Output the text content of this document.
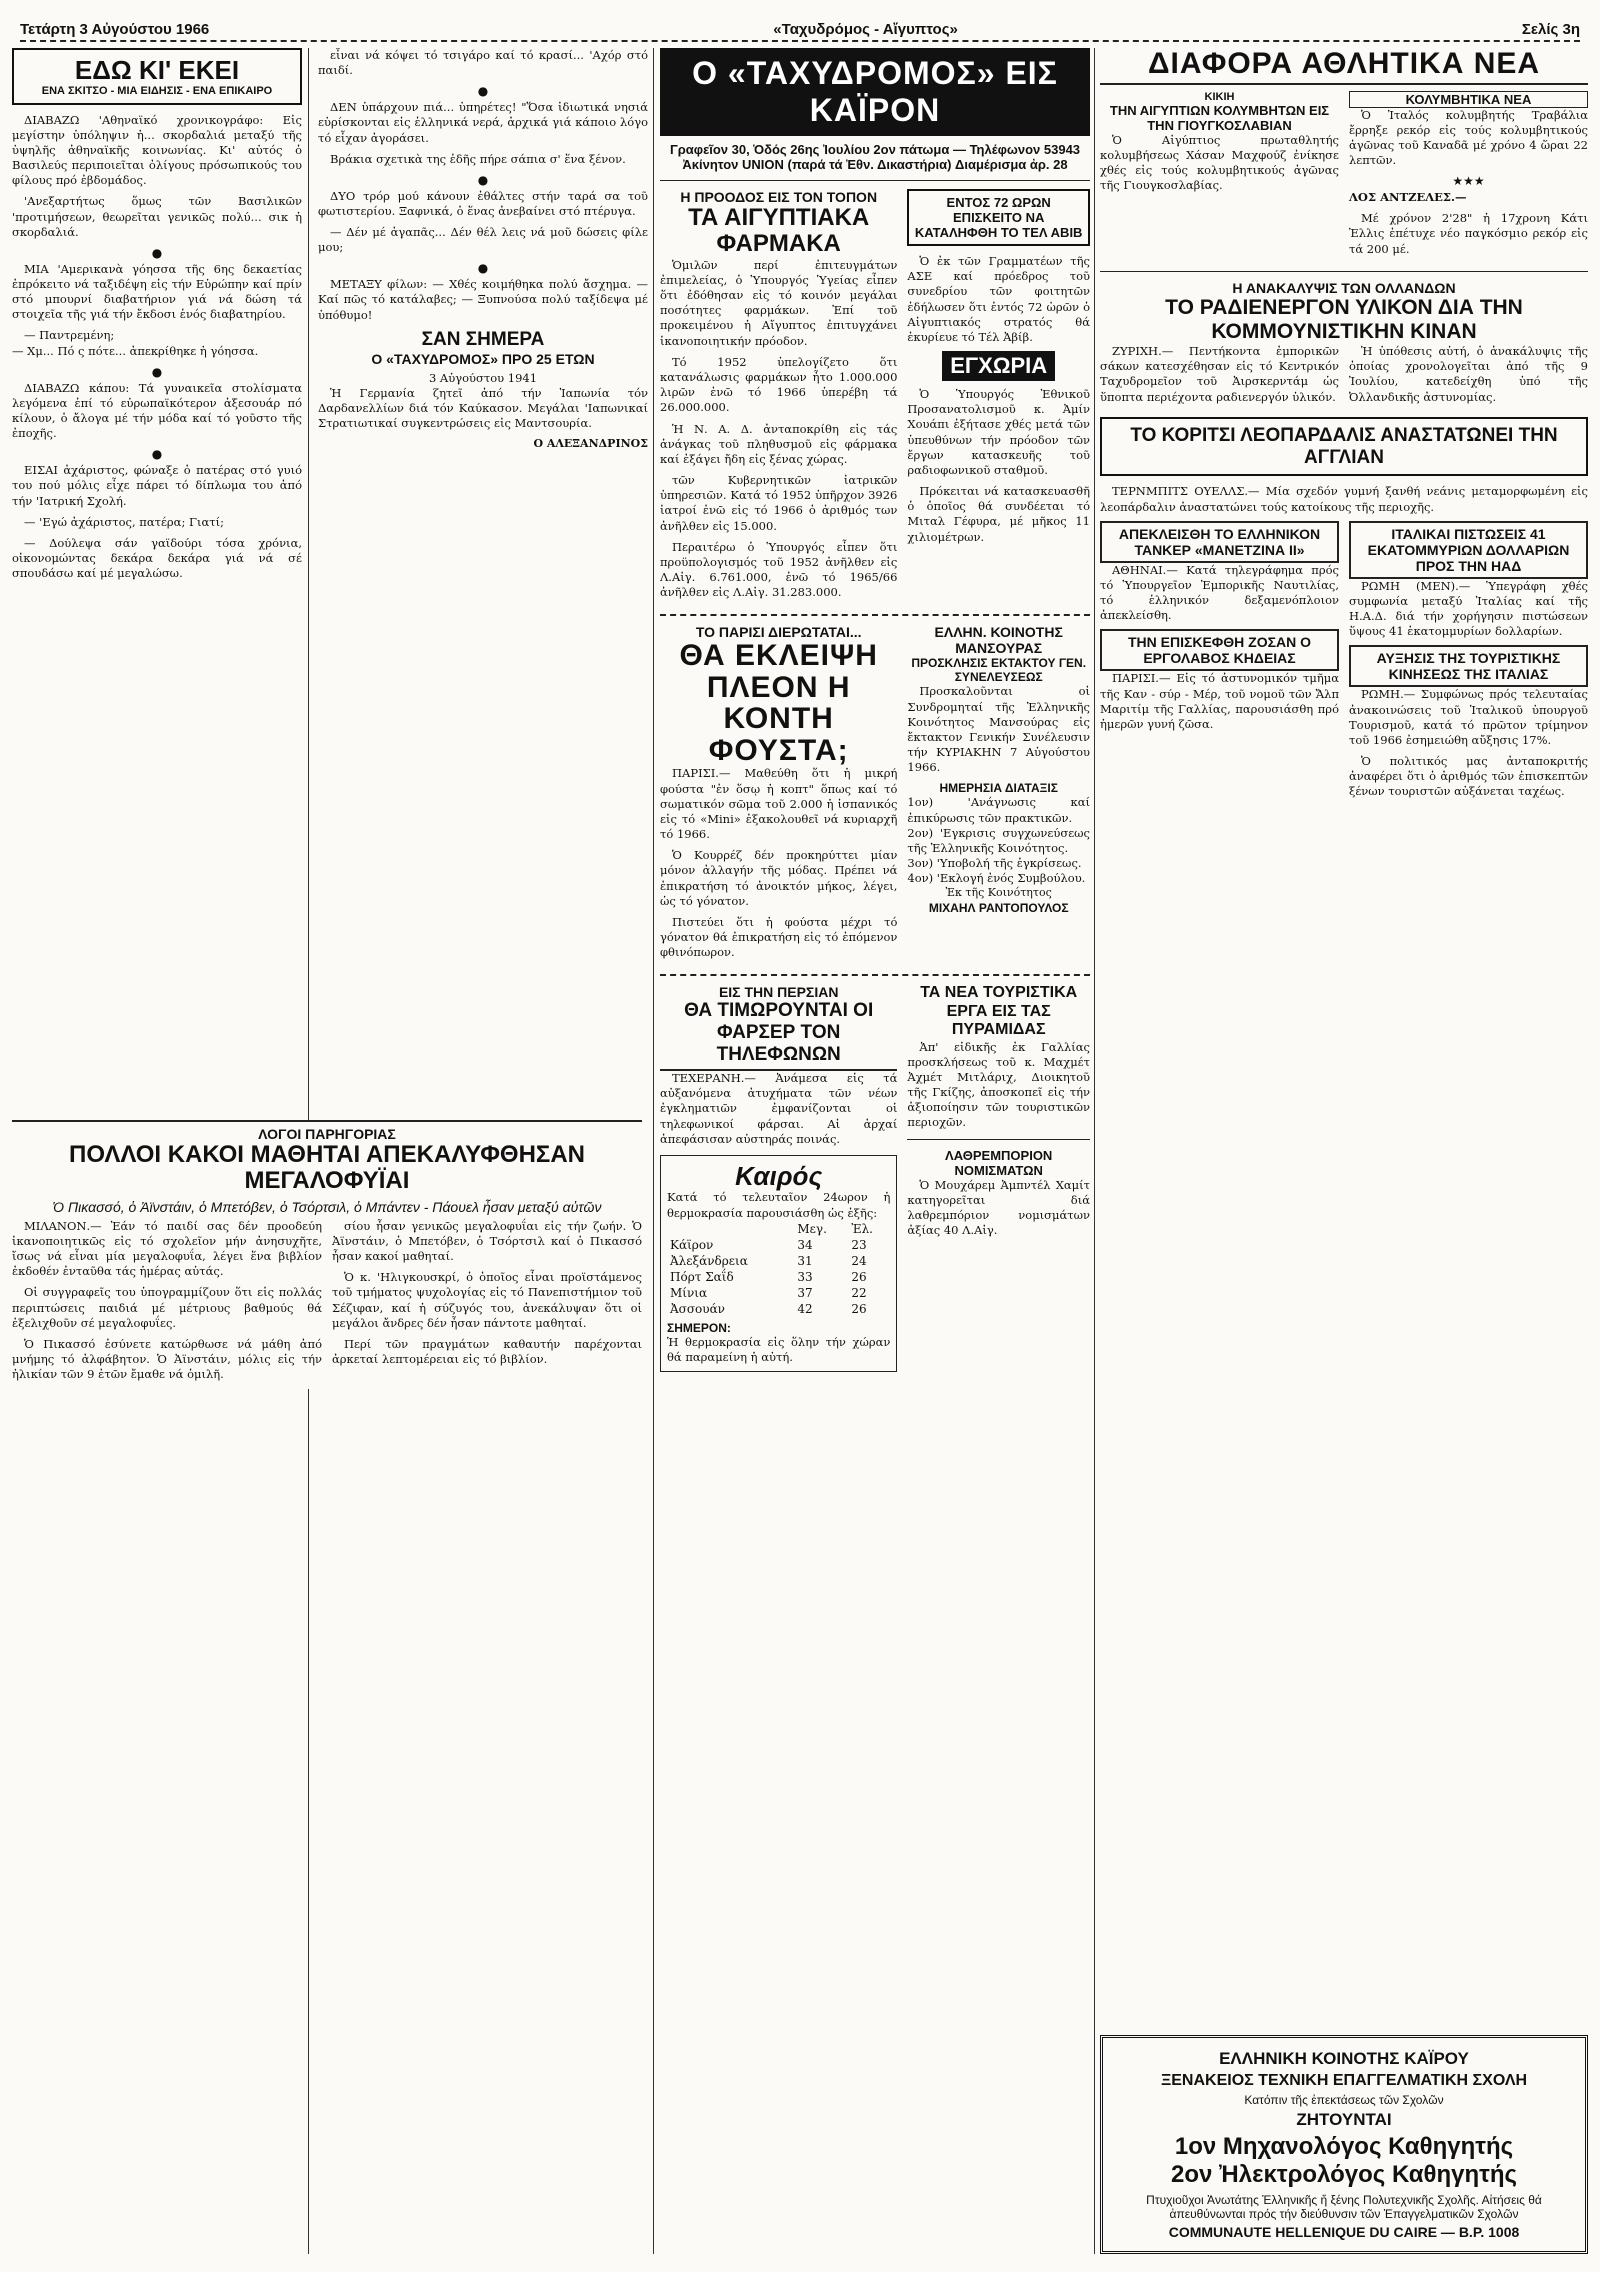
Τετάρτη 3 Αὐγούστου 1966	«Ταχυδρόμος - Αἴγυπτος»	Σελίς 3η
ΕΔΩ ΚΙ' ΕΚΕΙ
ΕΝΑ ΣΚΙΤΣΟ - ΜΙΑ ΕΙΔΗΣΙΣ - ΕΝΑ ΕΠΙΚΑΙΡΟ

ΔΙΑΒΑΖΩ 'Αθηναϊκό χρονικογράφο: Εἰς μεγίστην ὑπόληψιν ἡ... σκορδαλιά μεταξύ τῆς ὑψηλῆς ἀθηναϊκῆς κοινωνίας. Κι' αὐτός ὁ Βασιλεύς περιποιεῖται ὀλίγους πρόσωπικούς του φίλους πρό ἐβδομάδος.

'Ανεξαρτήτως ὅμως τῶν Βασιλικῶν 'προτιμήσεων, θεωρεῖται γενικῶς πολύ... σικ ἡ σκορδαλιά.

●

ΜΙΑ 'Αμερικανὰ γόησσα τῆς 6ης δεκαετίας ἐπρόκειτο νά ταξιδέψη εἰς τήν Εὐρώπην καί πρίν στό μπουρνί διαβατήριον γιά νά δώση τά στοιχεῖα τῆς γιά τήν ἔκδοσι ἑνός διαβατηρίου.

— Παντρεμένη;
— Χμ... Πό ς πότε... ἀπεκρίθηκε ἡ γόησσα.

●

ΔΙΑΒΑΖΩ κάπου: Τά γυναικεῖα στολίσματα λεγόμενα ἐπί τό εὐρωπαϊκότερον ἀξεσουάρ πό κίλουν, ὁ ἄλογα μέ τήν μόδα καί τό γοῦστο τῆς ἐποχῆς.

●

ΕΙΣΑΙ ἀχάριστος, φώναξε ὁ πατέρας στό γυιό του πού μόλις εἶχε πάρει τό δίπλωμα του ἀπό τήν 'Ιατρική Σχολή.

— 'Εγώ ἀχάριστος, πατέρα; Γιατί;

— Δούλεψα σάν γαϊδούρι τόσα χρόνια, οἰκονομώντας δεκάρα δεκάρα γιά νά σέ σπουδάσω καί μέ μεγαλώσω.

εἶναι νά κόψει τό τσιγάρο καί τό κρασί... 'Αχόρ στό παιδί.

●

ΔΕΝ ὑπάρχουν πιά... ὑπηρέτες! "Ὅσα ἰδιωτικά νησιά εὑρίσκονται εἰς ἑλληνικά νερά, ἀρχικά γιά κάποιο λόγο τό εἶχαν ἀγοράσει.

Βράκια σχετικὰ της ἐδῆς πήρε σάπια σ' ἕνα ξένον.

●

ΔΥΟ τρόρ μού κάνουν ἐθάλτες στήν ταρά σα τοῦ φωτιστερίου. Ξαφνικά, ὁ ἕνας ἀνεβαίνει στό πτέρυγα.

— Δέν μέ ἀγαπᾶς... Δέν θέλ λεις νά μοῦ δώσεις φίλε μου;

●

ΜΕΤΑΞΥ φίλων: — Χθές κοιμήθηκα πολύ ἄσχημα. — Καί πῶς τό κατάλαβες; — Ξυπνούσα πολύ ταξίδεψα μέ ὑπόθυμο!

ΣΑΝ ΣΗΜΕΡΑ
Ο «ΤΑΧΥΔΡΟΜΟΣ» ΠΡΟ 25 ΕΤΩΝ
3 Αὐγούστου 1941

Ἡ Γερμανία ζητεῖ ἀπό τήν Ἰαπωνία τόν Δαρδανελλίων διά τόν Καύκασον. Μεγάλαι 'Ιαπωνικαί Στρατιωτικαί συγκεντρώσεις εἰς Μαντσουρία.

Ο ΑΛΕΞΑΝΔΡΙΝΟΣ
ΛΟΓΟΙ ΠΑΡΗΓΟΡΙΑΣ
ΠΟΛΛΟΙ ΚΑΚΟΙ ΜΑΘΗΤΑΙ ΑΠΕΚΑΛΥΦΘΗΣΑΝ ΜΕΓΑΛΟΦΥΪΑΙ
Ὁ Πικασσό, ὁ Ἀϊνστάιν, ὁ Μπετόβεν, ὁ Τσόρτσιλ, ὁ Μπάντεν - Πάουελ ἦσαν μεταξύ αὐτῶν

ΜΙΛΑΝΟΝ.— Ἐάν τό παιδί σας δέν προοδεύη ἱκανοποιητικῶς εἰς τό σχολεῖον μήν ἀνησυχῆτε, ἴσως νά εἶναι μία μεγαλοφυΐα, λέγει ἕνα βιβλίον ἐκδοθέν ἐνταῦθα τάς ἡμέρας αὐτάς.

Οἱ συγγραφεῖς του ὑπογραμμίζουν ὅτι εἰς πολλάς περιπτώσεις παιδιά μέ μέτριους βαθμούς θά ἐξελιχθοῦν σέ μεγαλοφυΐες.

Ὁ Πικασσό ἐσύνετε κατώρθωσε νά μάθη ἀπό μνήμης τό ἀλφάβητον. Ὁ Ἀϊνστάιν, μόλις εἰς τήν ἡλικίαν τῶν 9 ἐτῶν ἔμαθε νά ὁμιλῆ.

σίου ἦσαν γενικῶς μεγαλοφυΐαι εἰς τήν ζωήν. Ὁ Ἀϊνστάιν, ὁ Μπετόβεν, ὁ Τσόρτσιλ καί ὁ Πικασσό ἦσαν κακοί μαθηταί.

Ὁ κ. 'Ηλιγκουσκρί, ὁ ὁποῖος εἶναι προϊστάμενος τοῦ τμήματος ψυχολογίας εἰς τό Πανεπιστήμιον τοῦ Σέζιφαν, καί ἡ σύζυγός του, ἀνεκάλυψαν ὅτι οἱ μεγάλοι ἄνδρες δέν ἦσαν πάντοτε μαθηταί.

Περί τῶν πραγμάτων καθαυτήν παρέχονται ἀρκεταί λεπτομέρειαι εἰς τό βιβλίον.

Ο «ΤΑΧΥΔΡΟΜΟΣ» ΕΙΣ ΚΑΪΡΟΝ
Γραφεῖον 30, Ὁδός 26ης Ἰουλίου 2ον πάτωμα — Τηλέφωνον 53943
Ἀκίνητον UNION (παρά τά Ἐθν. Δικαστήρια) Διαμέρισμα ἀρ. 28
Η ΠΡΟΟΔΟΣ ΕΙΣ ΤΟΝ ΤΟΠΟΝ
ΤΑ ΑΙΓΥΠΤΙΑΚΑ ΦΑΡΜΑΚΑ

Ὁμιλῶν περί ἐπιτευγμάτων ἐπιμελείας, ὁ Ὑπουργός Ὑγείας εἶπεν ὅτι ἐδόθησαν εἰς τό κοινόν μεγάλαι ποσότητες φαρμάκων. Ἐπί τοῦ προκειμένου ἡ Αἴγυπτος ἐπιτυγχάνει ἱκανοποιητικήν πρόοδον.

Τό 1952 ὑπελογίζετο ὅτι κατανάλωσις φαρμάκων ἦτο 1.000.000 λιρῶν ἐνῶ τό 1966 ὑπερέβη τά 26.000.000.

Ἡ Ν. Α. Δ. ἀνταποκρίθη εἰς τάς ἀνάγκας τοῦ πληθυσμοῦ εἰς φάρμακα καί ἐξάγει ἤδη εἰς ξένας χώρας.

τῶν Κυβερνητικῶν ἰατρικῶν ὑπηρεσιῶν. Κατά τό 1952 ὑπῆρχον 3926 ἰατροί ἐνῶ εἰς τό 1966 ὁ ἀριθμός των ἀνῆλθεν εἰς 15.000.

Περαιτέρω ὁ Ὑπουργός εἶπεν ὅτι προϋπολογισμός τοῦ 1952 ἀνῆλθεν εἰς Λ.Αἰγ. 6.761.000, ἐνῶ τό 1965/66 ἀνῆλθεν εἰς Λ.Αἰγ. 31.283.000.

ΕΝΤΟΣ 72 ΩΡΩΝ ΕΠΙΣΚΕΙΤΟ ΝΑ ΚΑΤΑΛΗΦΘΗ ΤΟ ΤΕΛ ΑΒΙΒ

Ὁ ἐκ τῶν Γραμματέων τῆς ΑΣΕ καί πρόεδρος τοῦ συνεδρίου τῶν φοιτητῶν ἐδήλωσεν ὅτι ἐντός 72 ὡρῶν ὁ Αἰγυπτιακός στρατός θά ἐκυρίευε τό Τέλ Ἀβίβ.

ΕΓΧΩΡΙΑ

Ὁ Ὑπουργός Ἐθνικοῦ Προσανατολισμοῦ κ. Ἀμίν Χουάπι ἐξήτασε χθές μετά τῶν ὑπευθύνων τήν πρόοδον τῶν ἔργων κατασκευῆς τοῦ ραδιοφωνικοῦ σταθμοῦ.

Πρόκειται νά κατασκευασθῆ ὁ ὁποῖος θά συνδέεται τό Μιταλ Γέφυρα, μέ μῆκος 11 χιλιομέτρων.

ΤΟ ΠΑΡΙΣΙ ΔΙΕΡΩΤΑΤΑΙ...
ΘΑ ΕΚΛΕΙΨΗ ΠΛΕΟΝ Η ΚΟΝΤΗ ΦΟΥΣΤΑ;

ΠΑΡΙΣΙ.— Μαθεύθη ὅτι ἡ μικρή φούστα "ἐν ὅσῳ ἡ κοπτ" ὅπως καί τό σωματικόν σῶμα τοῦ 2.000 ἡ ἱσπανικός εἰς τό «Mini» ἐξακολουθεῖ νά κυριαρχῆ τό 1966.

Ὁ Κουρρέζ δέν προκηρύττει μίαν μόνον ἀλλαγήν τῆς μόδας. Πρέπει νά ἐπικρατήση τό ἀνοικτόν μήκος, λέγει, ὡς τό γόνατον.

Πιστεύει ὅτι ἡ φούστα μέχρι τό γόνατον θά ἐπικρατήση εἰς τό ἑπόμενον φθινόπωρον.

ΕΛΛΗΝ. ΚΟΙΝΟΤΗΣ ΜΑΝΣΟΥΡΑΣ
ΠΡΟΣΚΛΗΣΙΣ ΕΚΤΑΚΤΟΥ ΓΕΝ. ΣΥΝΕΛΕΥΣΕΩΣ

Προσκαλοῦνται οἱ Συνδρομηταί τῆς Ἑλληνικῆς Κοινότητος Μανσούρας εἰς ἔκτακτον Γενικήν Συνέλευσιν τήν ΚΥΡΙΑΚΗΝ 7 Αὐγούστου 1966.

ΗΜΕΡΗΣΙΑ ΔΙΑΤΑΞΙΣ
1ον) 'Ανάγνωσις καί ἐπικύρωσις τῶν πρακτικῶν.
2ον) 'Εγκρισις συγχωνεύσεως τῆς Ἑλληνικῆς Κοινότητος.
3ον) 'Υποβολή τῆς ἐγκρίσεως.
4ον) 'Εκλογή ἐνός Συμβούλου.
Ἐκ τῆς Κοινότητος
ΜΙΧΑΗΛ ΡΑΝΤΟΠΟΥΛΟΣ
ΕΙΣ ΤΗΝ ΠΕΡΣΙΑΝ
ΘΑ ΤΙΜΩΡΟΥΝΤΑΙ ΟΙ ΦΑΡΣΕΡ ΤΟΝ ΤΗΛΕΦΩΝΩΝ

ΤΕΧΕΡΑΝΗ.— Ἀνάμεσα εἰς τά αὐξανόμενα ἀτυχήματα τῶν νέων ἐγκληματιῶν ἐμφανίζονται οἱ τηλεφωνικοί φάρσαι. Αἱ ἀρχαί ἀπεφάσισαν αὐστηράς ποινάς.

Καιρός
Κατά τό τελευταῖον 24ωρον ἡ θερμοκρασία παρουσιάσθη ὡς ἑξῆς:
	Μεγ.	Ἐλ.
Κάϊρον	34	23
Ἀλεξάνδρεια	31	24
Πόρτ Σαΐδ	33	26
Μίνια	37	22
Ἀσσουάν	42	26
ΣΗΜΕΡΟΝ:
Ἡ θερμοκρασία εἰς ὅλην τήν χώραν θά παραμείνη ἡ αὐτή.
ΤΑ ΝΕΑ ΤΟΥΡΙΣΤΙΚΑ ΕΡΓΑ ΕΙΣ ΤΑΣ ΠΥΡΑΜΙΔΑΣ

Ἀπ' εἰδικῆς ἐκ Γαλλίας προσκλήσεως τοῦ κ. Μαχμέτ Ἀχμέτ Μιτλάριχ, Διοικητοῦ τῆς Γκίζης, ἀποσκοπεῖ εἰς τήν ἀξιοποίησιν τῶν τουριστικῶν περιοχῶν.

ΛΑΘΡΕΜΠΟΡΙΟΝ ΝΟΜΙΣΜΑΤΩΝ

Ὁ Μουχάρεμ Ἀμπντέλ Χαμίτ κατηγορεῖται διά λαθρεμπόριον νομισμάτων ἀξίας 40 Λ.Αἰγ.

ΔΙΑΦΟΡΑ ΑΘΛΗΤΙΚΑ ΝΕΑ
ΚΙΚΙΗ
ΤΗΝ ΑΙΓΥΠΤΙΩΝ ΚΟΛΥΜΒΗΤΩΝ ΕΙΣ ΤΗΝ ΓΙΟΥΓΚΟΣΛΑΒΙΑΝ

Ὁ Αἰγύπτιος πρωταθλητής κολυμβήσεως Χάσαν Μαχφούζ ἐνίκησε χθές εἰς τούς κολυμβητικούς ἀγῶνας τῆς Γιουγκοσλαβίας.

ΚΟΛΥΜΒΗΤΙΚΑ ΝΕΑ

Ὁ Ἰταλός κολυμβητής Τραβάλια ἔρρηξε ρεκόρ εἰς τούς κολυμβητικούς ἀγῶνας τοῦ Καναδᾶ μέ χρόνο 4 ὥραι 22 λεπτῶν.

★★★

ΛΟΣ ΑΝΤΖΕΛΕΣ.—

Μέ χρόνον 2'28" ἡ 17χρονη Κάτι Ἐλλις ἐπέτυχε νέο παγκόσμιο ρεκόρ εἰς τά 200 μέ.

Η ΑΝΑΚΑΛΥΨΙΣ ΤΩΝ ΟΛΛΑΝΔΩΝ
ΤΟ ΡΑΔΙΕΝΕΡΓΟΝ ΥΛΙΚΟΝ ΔΙΑ ΤΗΝ ΚΟΜΜΟΥΝΙΣΤΙΚΗΝ ΚΙΝΑΝ

ΖΥΡΙΧΗ.— Πεντήκοντα ἐμπορικῶν σάκων κατεσχέθησαν εἰς τό Κεντρικόν Ταχυδρομεῖον τοῦ Ἀιρσκερντάμ ὡς ὕποπτα περιέχοντα ραδιενεργόν ὑλικόν.

Ἡ ὑπόθεσις αὐτή, ὁ ἀνακάλυψις τῆς ὁποίας χρονολογεῖται ἀπό τῆς 9 Ἰουλίου, κατεδείχθη ὑπό τῆς Ὀλλανδικῆς ἀστυνομίας.

ΤΟ ΚΟΡΙΤΣΙ ΛΕΟΠΑΡΔΑΛΙΣ ΑΝΑΣΤΑΤΩΝΕΙ ΤΗΝ ΑΓΓΛΙΑΝ

ΤΕΡΝΜΠΙΤΣ ΟΥΕΛΛΣ.— Μία σχεδόν γυμνή ξανθή νεάνις μεταμορφωμένη εἰς λεοπάρδαλιν ἀναστατώνει τούς κατοίκους τῆς περιοχῆς.

ΑΠΕΚΛΕΙΣΘΗ ΤΟ ΕΛΛΗΝΙΚΟΝ ΤΑΝΚΕΡ «ΜΑΝΕΤΖΙΝΑ ΙΙ»

ΑΘΗΝΑΙ.— Κατά τηλεγράφημα πρός τό Ὑπουργεῖον Ἐμπορικῆς Ναυτιλίας, τό ἑλληνικόν δεξαμενόπλοιον ἀπεκλείσθη.

ΤΗΝ ΕΠΙΣΚΕΦΘΗ ΖΟΣΑΝ Ο ΕΡΓΟΛΑΒΟΣ ΚΗΔΕΙΑΣ

ΠΑΡΙΣΙ.— Εἰς τό ἀστυνομικόν τμῆμα τῆς Καν - σύρ - Μέρ, τοῦ νομοῦ τῶν Ἄλπ Μαριτίμ τῆς Γαλλίας, παρουσιάσθη πρό ἡμερῶν γυνή ζῶσα.

ΙΤΑΛΙΚΑΙ ΠΙΣΤΩΣΕΙΣ 41 ΕΚΑΤΟΜΜΥΡΙΩΝ ΔΟΛΛΑΡΙΩΝ ΠΡΟΣ ΤΗΝ ΗΑΔ

ΡΩΜΗ (ΜΕΝ).— Ὑπεγράφη χθές συμφωνία μεταξύ Ἰταλίας καί τῆς Η.Α.Δ. διά τήν χορήγησιν πιστώσεων ὕψους 41 ἑκατομμυρίων δολλαρίων.

ΑΥΞΗΣΙΣ ΤΗΣ ΤΟΥΡΙΣΤΙΚΗΣ ΚΙΝΗΣΕΩΣ ΤΗΣ ΙΤΑΛΙΑΣ

ΡΩΜΗ.— Συμφώνως πρός τελευταίας ἀνακοινώσεις τοῦ Ἰταλικοῦ ὑπουργοῦ Τουρισμοῦ, κατά τό πρῶτον τρίμηνον τοῦ 1966 ἐσημειώθη αὔξησις 17%.

Ὁ πολιτικός μας ἀνταποκριτής ἀναφέρει ὅτι ὁ ἀριθμός τῶν ἐπισκεπτῶν ξένων τουριστῶν αὐξάνεται ταχέως.

ΕΛΛΗΝΙΚΗ ΚΟΙΝΟΤΗΣ ΚΑΪΡΟΥ
ΞΕΝΑΚΕΙΟΣ ΤΕΧΝΙΚΗ ΕΠΑΓΓΕΛΜΑΤΙΚΗ ΣΧΟΛΗ
Κατόπιν τῆς ἐπεκτάσεως τῶν Σχολῶν
ΖΗΤΟΥΝΤΑΙ
1ον Μηχανολόγος Καθηγητής
2ον Ἠλεκτρολόγος Καθηγητής
Πτυχιοῦχοι Ἀνωτάτης Ἑλληνικῆς ἤ ξένης Πολυτεχνικῆς Σχολῆς. Αἰτήσεις θά ἀπευθύνωνται πρός τήν διεύθυνσιν τῶν Ἐπαγγελματικῶν Σχολῶν
COMMUNAUTE HELLENIQUE DU CAIRE — B.P. 1008
